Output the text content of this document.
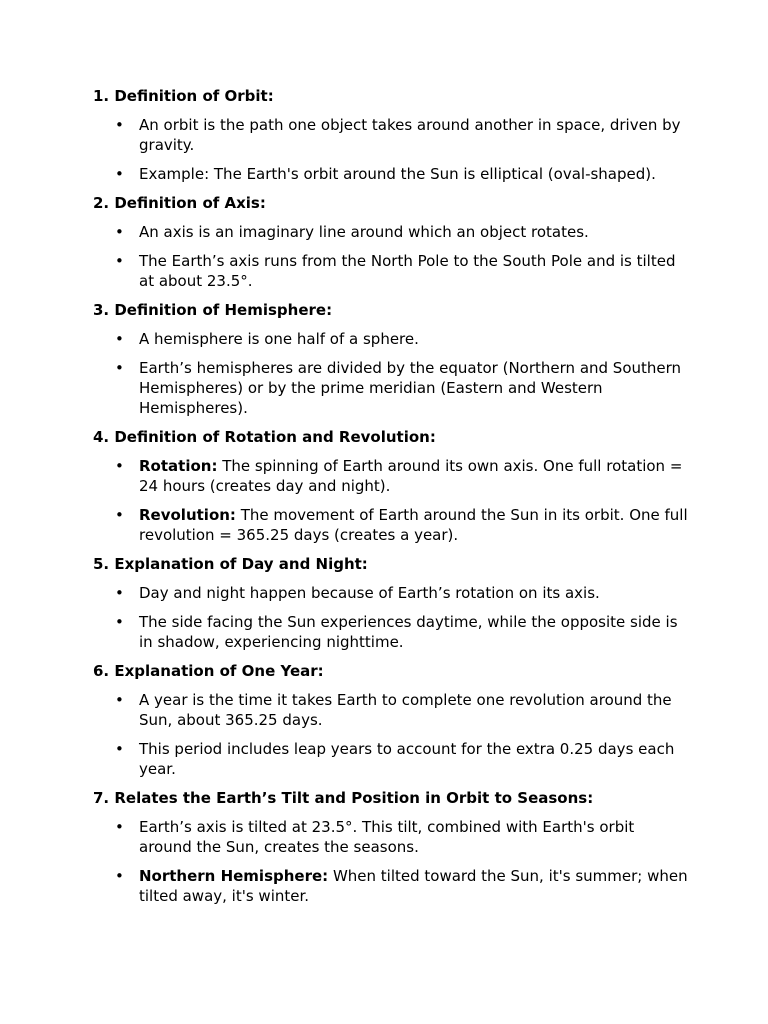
1. Definition of Orbit:
• An orbit is the path one object takes around another in space, driven by gravity.
• Example: The Earth's orbit around the Sun is elliptical (oval-shaped).
2. Definition of Axis:
• An axis is an imaginary line around which an object rotates.
• The Earth’s axis runs from the North Pole to the South Pole and is tilted at about 23.5°.
3. Definition of Hemisphere:
• A hemisphere is one half of a sphere.
• Earth’s hemispheres are divided by the equator (Northern and Southern Hemispheres) or by the prime meridian (Eastern and Western Hemispheres).
4. Definition of Rotation and Revolution:
• Rotation: The spinning of Earth around its own axis. One full rotation = 24 hours (creates day and night).
• Revolution: The movement of Earth around the Sun in its orbit. One full revolution = 365.25 days (creates a year).
5. Explanation of Day and Night:
• Day and night happen because of Earth’s rotation on its axis.
• The side facing the Sun experiences daytime, while the opposite side is in shadow, experiencing nighttime.
6. Explanation of One Year:
• A year is the time it takes Earth to complete one revolution around the Sun, about 365.25 days.
• This period includes leap years to account for the extra 0.25 days each year.
7. Relates the Earth’s Tilt and Position in Orbit to Seasons:
• Earth’s axis is tilted at 23.5°. This tilt, combined with Earth's orbit around the Sun, creates the seasons.
• Northern Hemisphere: When tilted toward the Sun, it's summer; when tilted away, it's winter.
